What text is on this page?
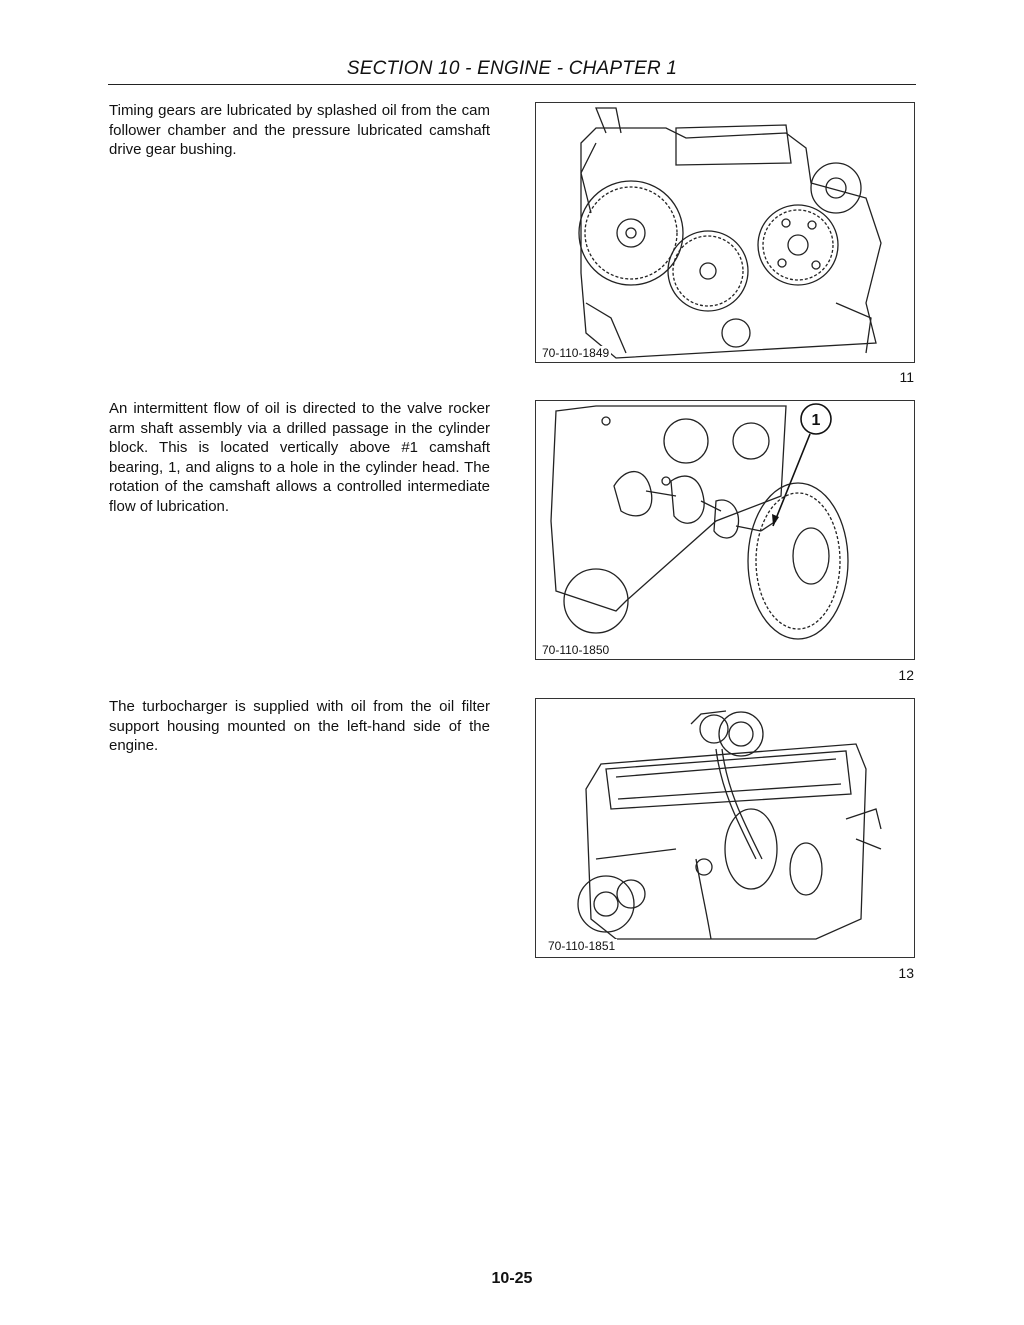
SECTION 10 - ENGINE - CHAPTER 1

Timing gears are lubricated by splashed oil from the cam follower chamber and the pressure lubricated camshaft drive gear bushing.

An intermittent flow of oil is directed to the valve rocker arm shaft assembly via a drilled passage in the cylinder block. This is located vertically above #1 camshaft bearing, 1, and aligns to a hole in the cylinder head. The rotation of the camshaft allows a controlled intermediate flow of lubrication.

The turbocharger is supplied with oil from the oil filter support housing mounted on the left-hand side of the engine.

70-110-1849
11
1
70-110-1850
12
70-110-1851
13
10-25
